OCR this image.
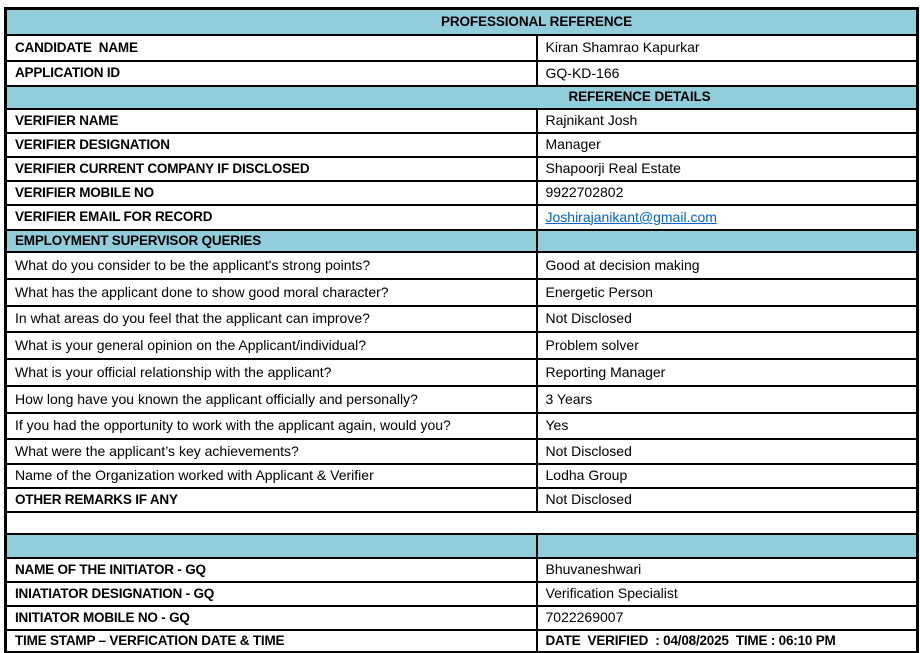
PROFESSIONAL REFERENCE	
CANDIDATE  NAME	Kiran Shamrao Kapurkar
APPLICATION ID	GQ-KD-166
REFERENCE DETAILS	
VERIFIER NAME	Rajnikant Josh
VERIFIER DESIGNATION	Manager
VERIFIER CURRENT COMPANY IF DISCLOSED	Shapoorji Real Estate
VERIFIER MOBILE NO	9922702802
VERIFIER EMAIL FOR RECORD	Joshirajanikant@gmail.com
EMPLOYMENT SUPERVISOR QUERIES	
What do you consider to be the applicant's strong points?	Good at decision making
What has the applicant done to show good moral character?	Energetic Person
In what areas do you feel that the applicant can improve?	Not Disclosed
What is your general opinion on the Applicant/individual?	Problem solver
What is your official relationship with the applicant?	Reporting Manager
How long have you known the applicant officially and personally?	3 Years
If you had the opportunity to work with the applicant again, would you?	Yes
What were the applicant’s key achievements?	Not Disclosed
Name of the Organization worked with Applicant & Verifier	Lodha Group
OTHER REMARKS IF ANY	Not Disclosed

NAME OF THE INITIATOR - GQ	Bhuvaneshwari
INIATIATOR DESIGNATION - GQ	Verification Specialist
INITIATOR MOBILE NO - GQ	7022269007
TIME STAMP – VERFICATION DATE & TIME	DATE  VERIFIED  : 04/08/2025  TIME : 06:10 PM
